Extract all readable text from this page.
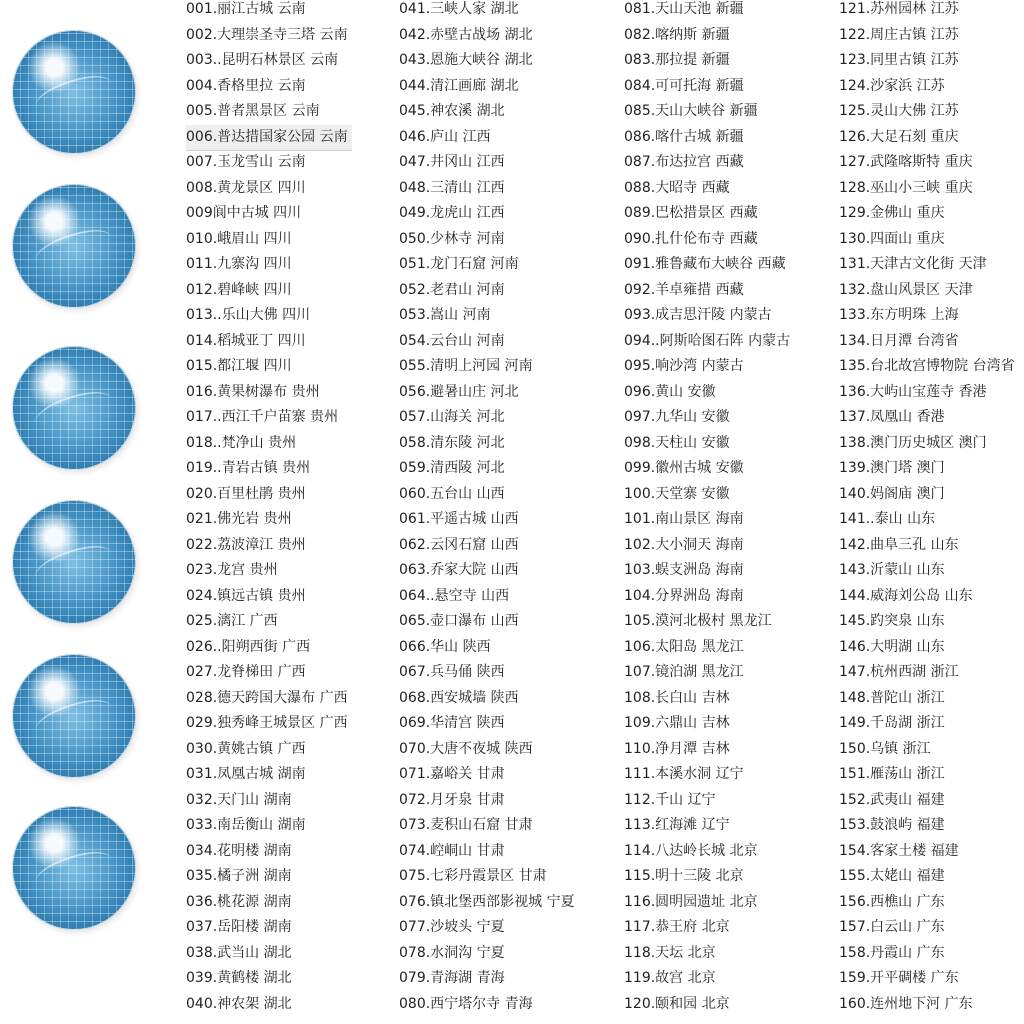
001.丽江古城 云南
002.大理崇圣寺三塔 云南
003..昆明石林景区 云南
004.香格里拉 云南
005.普者黑景区 云南
006.普达措国家公园 云南
007.玉龙雪山 云南
008.黄龙景区 四川
009阆中古城 四川
010.峨眉山 四川
011.九寨沟 四川
012.碧峰峡 四川
013..乐山大佛 四川
014.稻城亚丁 四川
015.都江堰 四川
016.黄果树瀑布 贵州
017..西江千户苗寨 贵州
018..梵净山 贵州
019..青岩古镇 贵州
020.百里杜鹃 贵州
021.佛光岩 贵州
022.荔波漳江 贵州
023.龙宫 贵州
024.镇远古镇 贵州
025.漓江 广西
026..阳朔西街 广西
027.龙脊梯田 广西
028.德天跨国大瀑布 广西
029.独秀峰王城景区 广西
030.黄姚古镇 广西
031.凤凰古城 湖南
032.天门山 湖南
033.南岳衡山 湖南
034.花明楼 湖南
035.橘子洲 湖南
036.桃花源 湖南
037.岳阳楼 湖南
038.武当山 湖北
039.黄鹤楼 湖北
040.神农架 湖北
041.三峡人家 湖北
042.赤壁古战场 湖北
043.恩施大峡谷 湖北
044.清江画廊 湖北
045.神农溪 湖北
046.庐山 江西
047.井冈山 江西
048.三清山 江西
049.龙虎山 江西
050.少林寺 河南
051.龙门石窟 河南
052.老君山 河南
053.嵩山 河南
054.云台山 河南
055.清明上河园 河南
056.避暑山庄 河北
057.山海关 河北
058.清东陵 河北
059.清西陵 河北
060.五台山 山西
061.平遥古城 山西
062.云冈石窟 山西
063.乔家大院 山西
064..悬空寺 山西
065.壶口瀑布 山西
066.华山 陕西
067.兵马俑 陕西
068.西安城墙 陕西
069.华清宫 陕西
070.大唐不夜城 陕西
071.嘉峪关 甘肃
072.月牙泉 甘肃
073.麦积山石窟 甘肃
074.崆峒山 甘肃
075.七彩丹霞景区 甘肃
076.镇北堡西部影视城 宁夏
077.沙坡头 宁夏
078.水洞沟 宁夏
079.青海湖 青海
080.西宁塔尔寺 青海
081.天山天池 新疆
082.喀纳斯 新疆
083.那拉提 新疆
084.可可托海 新疆
085.天山大峡谷 新疆
086.喀什古城 新疆
087.布达拉宫 西藏
088.大昭寺 西藏
089.巴松措景区 西藏
090.扎什伦布寺 西藏
091.雅鲁藏布大峡谷 西藏
092.羊卓雍措 西藏
093.成吉思汗陵 内蒙古
094..阿斯哈图石阵 内蒙古
095.响沙湾 内蒙古
096.黄山 安徽
097.九华山 安徽
098.天柱山 安徽
099.徽州古城 安徽
100.天堂寨 安徽
101.南山景区 海南
102.大小洞天 海南
103.蜈支洲岛 海南
104.分界洲岛 海南
105.漠河北极村 黑龙江
106.太阳岛 黑龙江
107.镜泊湖 黑龙江
108.长白山 吉林
109.六鼎山 吉林
110.净月潭 吉林
111.本溪水洞 辽宁
112.千山 辽宁
113.红海滩 辽宁
114.八达岭长城 北京
115.明十三陵 北京
116.圆明园遗址 北京
117.恭王府 北京
118.天坛 北京
119.故宫 北京
120.颐和园 北京
121.苏州园林 江苏
122.周庄古镇 江苏
123.同里古镇 江苏
124.沙家浜 江苏
125.灵山大佛 江苏
126.大足石刻 重庆
127.武隆喀斯特 重庆
128.巫山小三峡 重庆
129.金佛山 重庆
130.四面山 重庆
131.天津古文化街 天津
132.盘山风景区 天津
133.东方明珠 上海
134.日月潭 台湾省
135.台北故宫博物院 台湾省
136.大屿山宝莲寺 香港
137.凤凰山 香港
138.澳门历史城区 澳门
139.澳门塔 澳门
140.妈阁庙 澳门
141..泰山 山东
142.曲阜三孔 山东
143.沂蒙山 山东
144.威海刘公岛 山东
145.趵突泉 山东
146.大明湖 山东
147.杭州西湖 浙江
148.普陀山 浙江
149.千岛湖 浙江
150.乌镇 浙江
151.雁荡山 浙江
152.武夷山 福建
153.鼓浪屿 福建
154.客家土楼 福建
155.太姥山 福建
156.西樵山 广东
157.白云山 广东
158.丹霞山 广东
159.开平碉楼 广东
160.连州地下河 广东
